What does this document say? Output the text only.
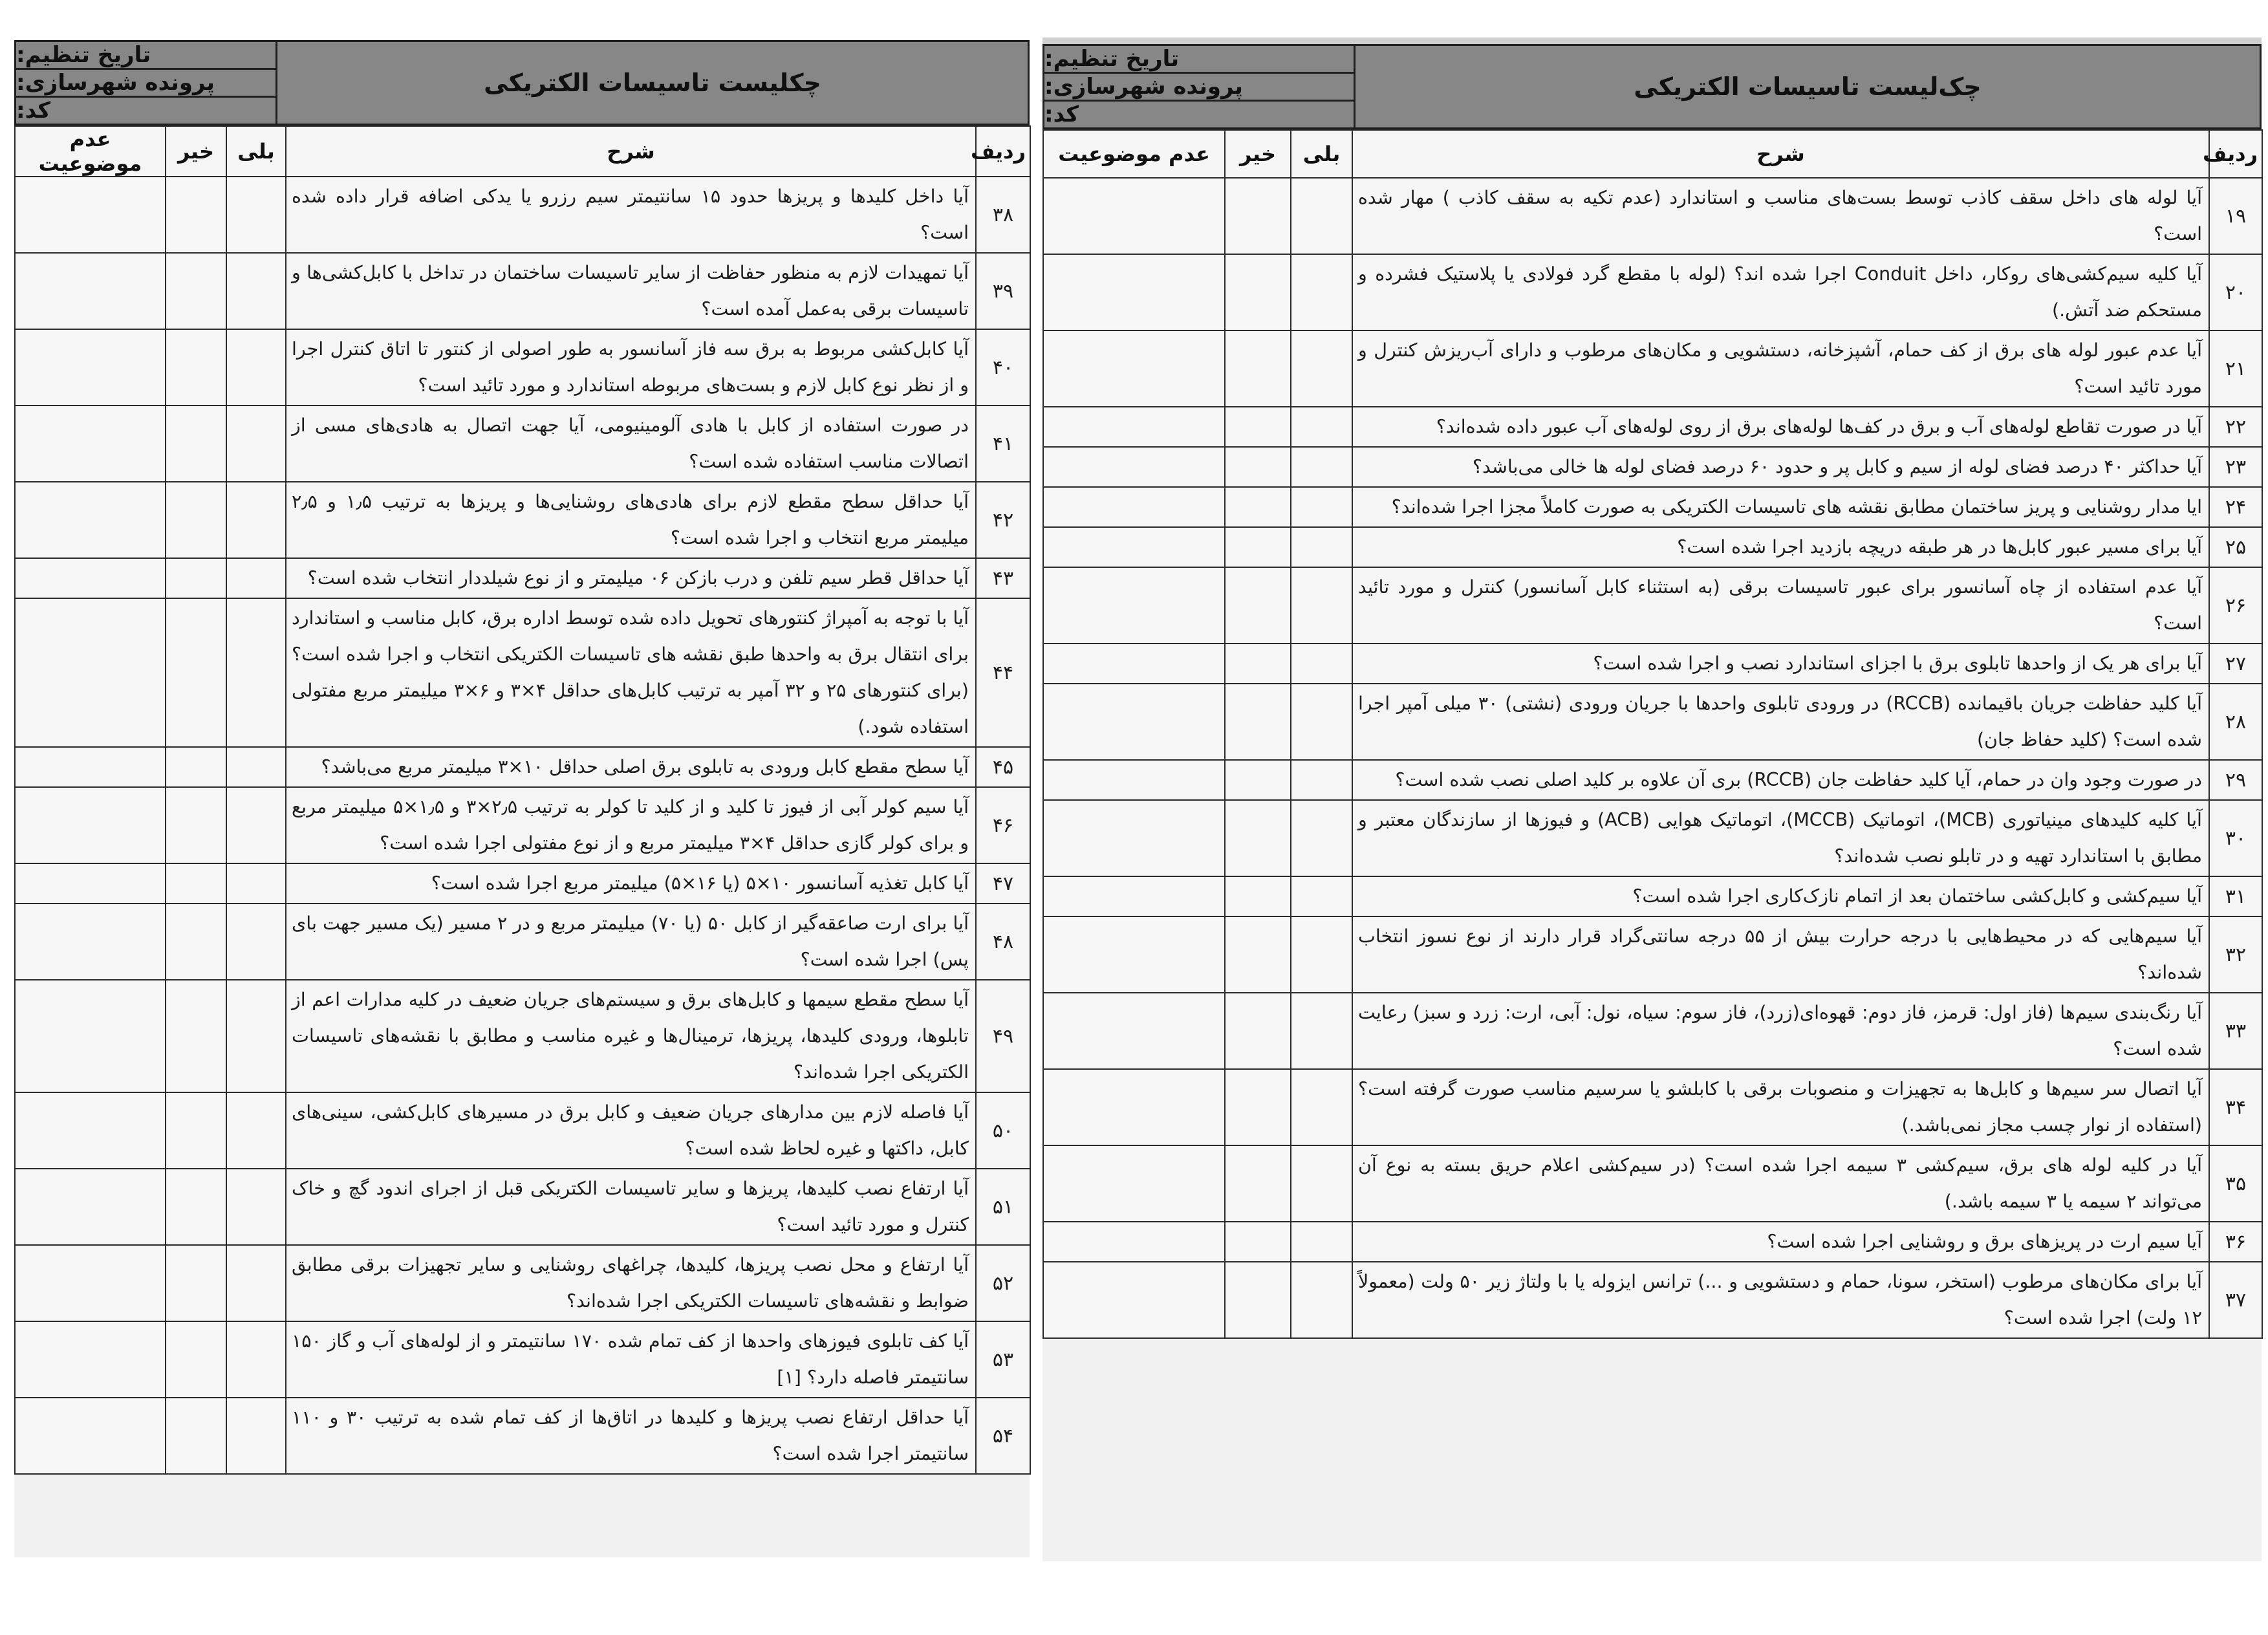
تاریخ تنظیم:
پرونده شهرسازی:
کد:
چکلیست تاسیسات الکتریکی
ردیف	شرح	بلی	خیر	عدم موضوعیت
۳۸	آیا داخل کلیدها و پریزها حدود ۱۵ سانتیمتر سیم رزرو یا یدکی اضافه قرار داده شده است؟			
۳۹	آیا تمهیدات لازم به منظور حفاظت از سایر تاسیسات ساختمان در تداخل با کابل‌کشی‌ها و تاسیسات برقی به‌عمل آمده است؟			
۴۰	آیا کابل‌کشی مربوط به برق سه فاز آسانسور به طور اصولی از کنتور تا اتاق کنترل اجرا و از نظر نوع کابل لازم و بست‌های مربوطه استاندارد و مورد تائید است؟			
۴۱	در صورت استفاده از کابل با هادی آلومینیومی، آیا جهت اتصال به هادی‌های مسی از اتصالات مناسب استفاده شده است؟			
۴۲	آیا حداقل سطح مقطع لازم برای هادی‌های روشنایی‌ها و پریزها به ترتیب ۱٫۵ و ۲٫۵ میلیمتر مربع انتخاب و اجرا شده است؟			
۴۳	آیا حداقل قطر سیم تلفن و درب بازکن ۰۶ میلیمتر و از نوع شیلددار انتخاب شده است؟			
۴۴	آیا با توجه به آمپراژ کنتورهای تحویل داده شده توسط اداره برق، کابل مناسب و استاندارد برای انتقال برق به واحدها طبق نقشه های تاسیسات الکتریکی انتخاب و اجرا شده است؟ (برای کنتورهای ۲۵ و ۳۲ آمپر به ترتیب کابل‌های حداقل ۴×۳ و ۶×۳ میلیمتر مربع مفتولی استفاده شود.)			
۴۵	آیا سطح مقطع کابل ورودی به تابلوی برق اصلی حداقل ۱۰×۳ میلیمتر مربع می‌باشد؟			
۴۶	آیا سیم کولر آبی از فیوز تا کلید و از کلید تا کولر به ترتیب ۲٫۵×۳ و ۱٫۵×۵ میلیمتر مربع و برای کولر گازی حداقل ۴×۳ میلیمتر مربع و از نوع مفتولی اجرا شده است؟			
۴۷	آیا کابل تغذیه آسانسور ۱۰×۵ (یا ۱۶×۵) میلیمتر مربع اجرا شده است؟			
۴۸	آیا برای ارت صاعقه‌گیر از کابل ۵۰ (یا ۷۰) میلیمتر مربع و در ۲ مسیر (یک مسیر جهت بای پس) اجرا شده است؟			
۴۹	آیا سطح مقطع سیمها و کابل‌های برق و سیستم‌های جریان ضعیف در کلیه مدارات اعم از تابلوها، ورودی کلیدها، پریزها، ترمینال‌ها و غیره مناسب و مطابق با نقشه‌های تاسیسات الکتریکی اجرا شده‌اند؟			
۵۰	آیا فاصله لازم بین مدارهای جریان ضعیف و کابل برق در مسیرهای کابل‌کشی، سینی‌های کابل، داکتها و غیره لحاظ شده است؟			
۵۱	آیا ارتفاع نصب کلیدها، پریزها و سایر تاسیسات الکتریکی قبل از اجرای اندود گچ و خاک کنترل و مورد تائید است؟			
۵۲	آیا ارتفاع و محل نصب پریزها، کلیدها، چراغهای روشنایی و سایر تجهیزات برقی مطابق ضوابط و نقشه‌های تاسیسات الکتریکی اجرا شده‌اند؟			
۵۳	آیا کف تابلوی فیوزهای واحدها از کف تمام شده ۱۷۰ سانتیمتر و از لوله‌های آب و گاز ۱۵۰ سانتیمتر فاصله دارد؟ [۱]			
۵۴	آیا حداقل ارتفاع نصب پریزها و کلیدها در اتاق‌ها از کف تمام شده به ترتیب ۳۰ و ۱۱۰ سانتیمتر اجرا شده است؟			
تاریخ تنظیم:
پرونده شهرسازی:
کد:
چک‌لیست تاسیسات الکتریکی
ردیف	شرح	بلی	خیر	عدم موضوعیت
۱۹	آیا لوله های داخل سقف کاذب توسط بست‌های مناسب و استاندارد (عدم تکیه به سقف کاذب ) مهار شده است؟			
۲۰	آیا کلیه سیم‌کشی‌های روکار، داخل Conduit اجرا شده اند؟ (لوله با مقطع گرد فولادی یا پلاستیک فشرده و مستحکم ضد آتش.)			
۲۱	آیا عدم عبور لوله های برق از کف حمام، آشپزخانه، دستشویی و مکان‌های مرطوب و دارای آب‌ریزش کنترل و مورد تائید است؟			
۲۲	آیا در صورت تقاطع لوله‌های آب و برق در کف‌ها لوله‌های برق از روی لوله‌های آب عبور داده شده‌اند؟			
۲۳	آیا حداکثر ۴۰ درصد فضای لوله از سیم و کابل پر و حدود ۶۰ درصد فضای لوله ها خالی می‌باشد؟			
۲۴	ایا مدار روشنایی و پریز ساختمان مطابق نقشه های تاسیسات الکتریکی به صورت کاملاً مجزا اجرا شده‌اند؟			
۲۵	آیا برای مسیر عبور کابل‌ها در هر طبقه دریچه بازدید اجرا شده است؟			
۲۶	آیا عدم استفاده از چاه آسانسور برای عبور تاسیسات برقی (به استثناء کابل آسانسور) کنترل و مورد تائید است؟			
۲۷	آیا برای هر یک از واحدها تابلوی برق با اجزای استاندارد نصب و اجرا شده است؟			
۲۸	آیا کلید حفاظت جریان باقیمانده (RCCB) در ورودی تابلوی واحدها با جریان ورودی (نشتی) ۳۰ میلی آمپر اجرا شده است؟ (کلید حفاظ جان)			
۲۹	در صورت وجود وان در حمام، آیا کلید حفاظت جان (RCCB) بری آن علاوه بر کلید اصلی نصب شده است؟			
۳۰	آیا کلیه کلیدهای مینیاتوری (MCB)، اتوماتیک (MCCB)، اتوماتیک هوایی (ACB) و فیوزها از سازندگان معتبر و مطابق با استاندارد تهیه و در تابلو نصب شده‌اند؟			
۳۱	آیا سیم‌کشی و کابل‌کشی ساختمان بعد از اتمام نازک‌کاری اجرا شده است؟			
۳۲	آیا سیم‌هایی که در محیط‌هایی با درجه حرارت بیش از ۵۵ درجه سانتی‌گراد قرار دارند از نوع نسوز انتخاب شده‌اند؟			
۳۳	آیا رنگ‌بندی سیم‌ها (فاز اول: قرمز، فاز دوم: قهوه‌ای(زرد)، فاز سوم: سیاه، نول: آبی، ارت: زرد و سبز) رعایت شده است؟			
۳۴	آیا اتصال سر سیم‌ها و کابل‌ها به تجهیزات و منصوبات برقی با کابلشو یا سرسیم مناسب صورت گرفته است؟ (استفاده از نوار چسب مجاز نمی‌باشد.)			
۳۵	آیا در کلیه لوله های برق، سیم‌کشی ۳ سیمه اجرا شده است؟ (در سیم‌کشی اعلام حریق بسته به نوع آن می‌تواند ۲ سیمه یا ۳ سیمه باشد.)			
۳۶	آیا سیم ارت در پریزهای برق و روشنایی اجرا شده است؟			
۳۷	آیا برای مکان‌های مرطوب (استخر، سونا، حمام و دستشویی و ...) ترانس ایزوله یا با ولتاژ زیر ۵۰ ولت (معمولاً ۱۲ ولت) اجرا شده است؟			
